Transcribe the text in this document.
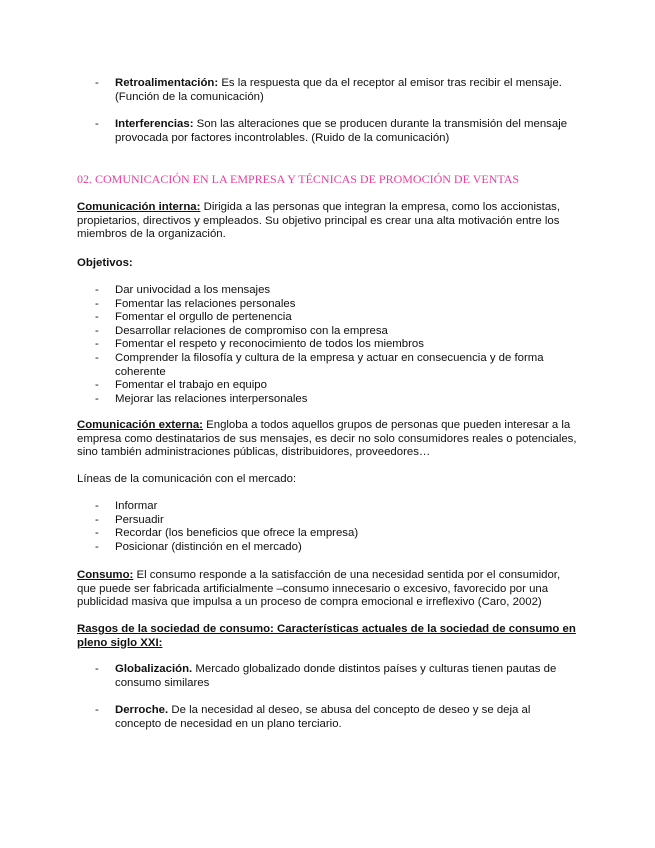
- Retroalimentación: Es la respuesta que da el receptor al emisor tras recibir el mensaje. (Función de la comunicación)
- Interferencias: Son las alteraciones que se producen durante la transmisión del mensaje provocada por factores incontrolables. (Ruido de la comunicación)
02. COMUNICACIÓN EN LA EMPRESA Y TÉCNICAS DE PROMOCIÓN DE VENTAS
Comunicación interna: Dirigida a las personas que integran la empresa, como los accionistas, propietarios, directivos y empleados. Su objetivo principal es crear una alta motivación entre los miembros de la organización.
Objetivos:
- Dar univocidad a los mensajes
- Fomentar las relaciones personales
- Fomentar el orgullo de pertenencia
- Desarrollar relaciones de compromiso con la empresa
- Fomentar el respeto y reconocimiento de todos los miembros
- Comprender la filosofía y cultura de la empresa y actuar en consecuencia y de forma coherente
- Fomentar el trabajo en equipo
- Mejorar las relaciones interpersonales
Comunicación externa: Engloba a todos aquellos grupos de personas que pueden interesar a la empresa como destinatarios de sus mensajes, es decir no solo consumidores reales o potenciales, sino también administraciones públicas, distribuidores, proveedores…
Líneas de la comunicación con el mercado:
- Informar
- Persuadir
- Recordar (los beneficios que ofrece la empresa)
- Posicionar (distinción en el mercado)
Consumo: El consumo responde a la satisfacción de una necesidad sentida por el consumidor, que puede ser fabricada artificialmente –consumo innecesario o excesivo, favorecido por una publicidad masiva que impulsa a un proceso de compra emocional e irreflexivo (Caro, 2002)
Rasgos de la sociedad de consumo: Características actuales de la sociedad de consumo en pleno siglo XXI:
- Globalización. Mercado globalizado donde distintos países y culturas tienen pautas de consumo similares
- Derroche. De la necesidad al deseo, se abusa del concepto de deseo y se deja al concepto de necesidad en un plano terciario.
